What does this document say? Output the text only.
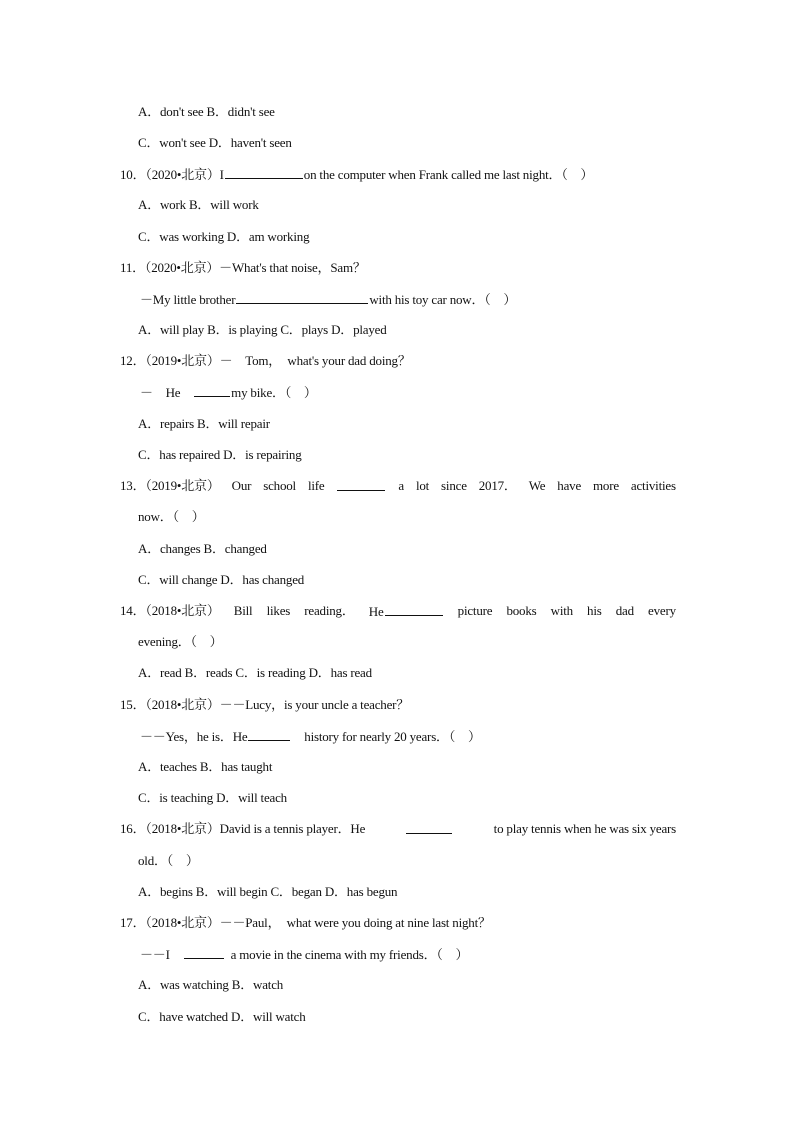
A．don't see B．didn't see
C．won't see D．haven't seen
10．（2020•北京）I	on the computer when Frank called me last night．（　）
A．work B．will work
C．was working D．am working
11．（2020•北京）－What's that noise，Sam？
－My little brother	with his toy car now．（　）
A．will play B．is playing C．plays D．played
12．（2019•北京）－　Tom，　what's your dad doing？
－　He　	my bike．（　）
A．repairs B．will repair
C．has repaired D．is repairing
13．（2019•北京） Our school life	a lot since 2017． We have more activities
now．（　）
A．changes B．changed
C．will change D．has changed
14．（2018•北京） Bill likes reading． He	picture books with his dad every
evening．（　）
A．read B．reads C．is reading D．has read
15．（2018•北京）－－Lucy，is your uncle a teacher？
－－Yes，he is．He	　history for nearly 20 years．（　）
A．teaches B．has taught
C．is teaching D．will teach
16．（2018•北京）David is a tennis player．He	to play tennis when he was six years
old．（　）
A．begins B．will begin C．began D．has begun
17．（2018•北京）－－Paul，　what were you doing at nine last night？
－－I　	a movie in the cinema with my friends．（　）
A．was watching B．watch
C．have watched D．will watch
